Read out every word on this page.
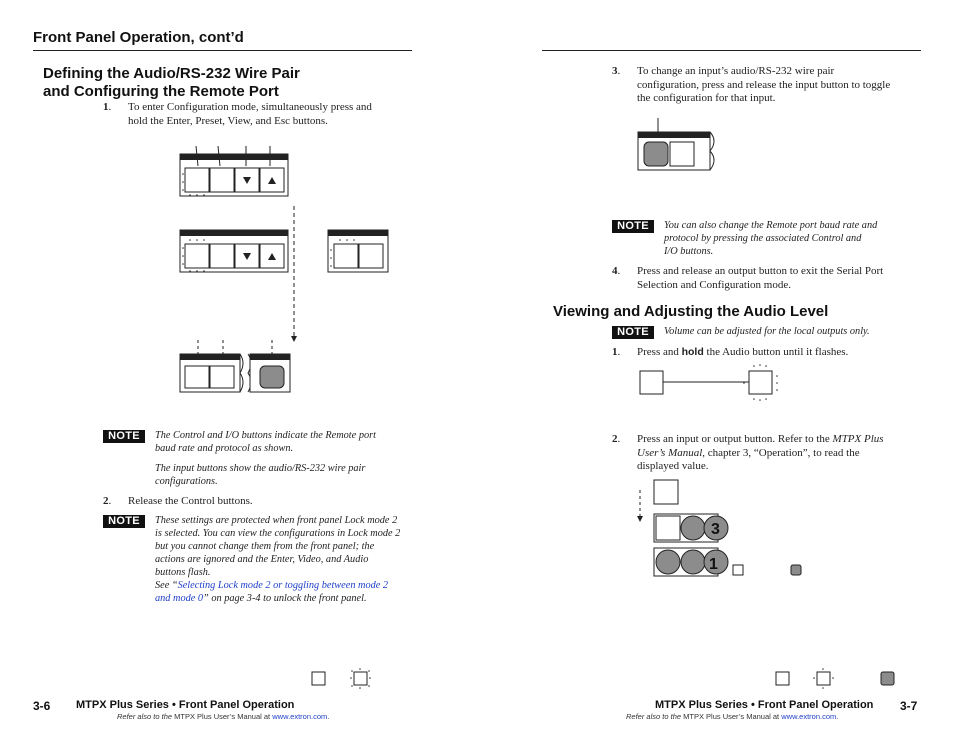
Front Panel Operation, cont’d
Defining the Audio/RS-232 Wire Pair
and Configuring the Remote Port
1. To enter Configuration mode, simultaneously press and
hold the Enter, Preset, View, and Esc buttons.
NOTE	The Control and I/O buttons indicate the Remote port
baud rate and protocol as shown.
The input buttons show the audio/RS-232 wire pair
configurations.
2. Release the Control buttons.
NOTE	These settings are protected when front panel Lock mode 2
is selected. You can view the configurations in Lock mode 2
but you cannot change them from the front panel; the
actions are ignored and the Enter, Video, and Audio
buttons flash.
See “Selecting Lock mode 2 or toggling between mode 2
and mode 0” on page 3-4 to unlock the front panel.
3-6 MTPX Plus Series • Front Panel Operation
Refer also to the MTPX Plus User’s Manual at www.extron.com.
3. To change an input’s audio/RS-232 wire pair
configuration, press and release the input button to toggle
the configuration for that input.
NOTE	You can also change the Remote port baud rate and
protocol by pressing the associated Control and
I/O buttons.
4. Press and release an output button to exit the Serial Port
Selection and Configuration mode.
Viewing and Adjusting the Audio Level
NOTE	Volume can be adjusted for the local outputs only.
1. Press and hold the Audio button until it flashes.
2. Press an input or output button. Refer to the MTPX Plus
User’s Manual, chapter 3, “Operation”, to read the
displayed value.
3
1
MTPX Plus Series • Front Panel Operation 3-7
Refer also to the MTPX Plus User’s Manual at www.extron.com.
